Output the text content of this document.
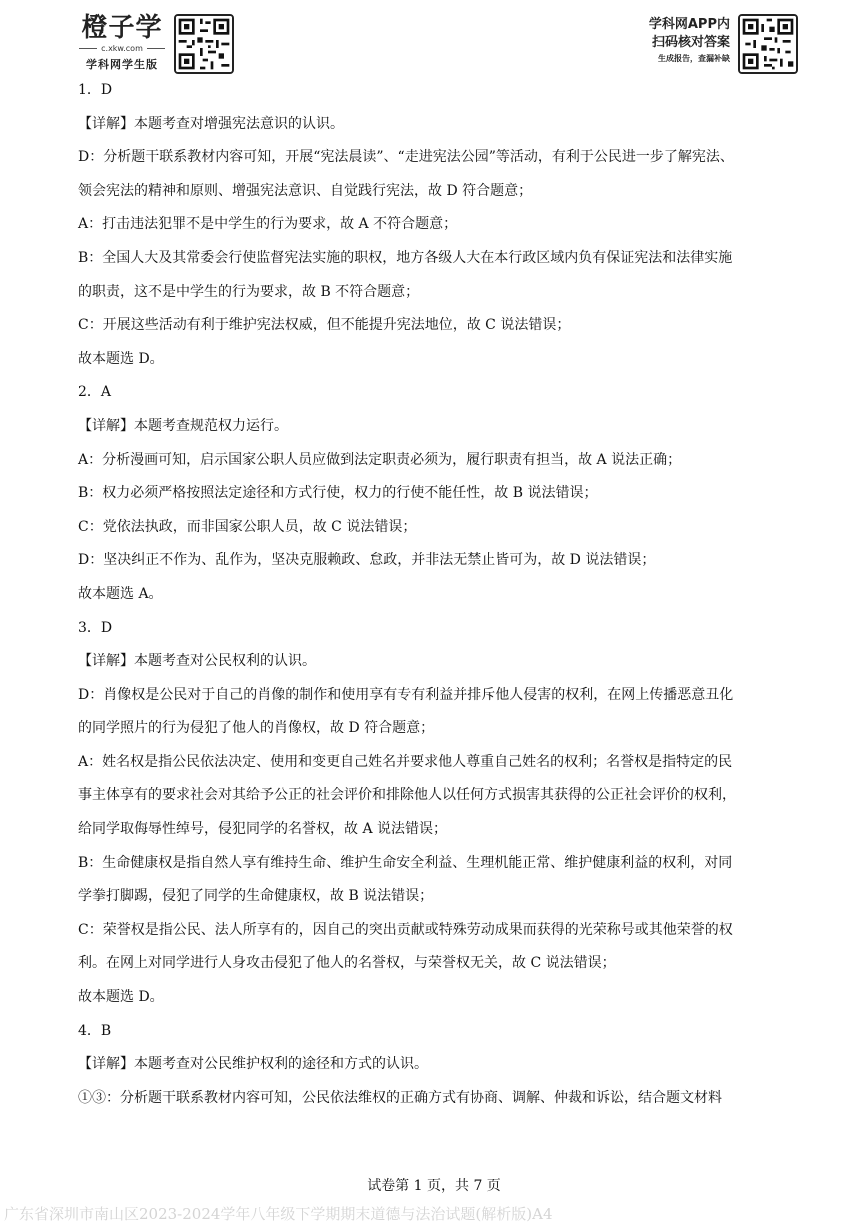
橙子学
c.xkw.com
学科网学生版
学科网APP内
扫码核对答案
生成报告，查漏补缺
1．D
【详解】本题考查对增强宪法意识的认识。
D：分析题干联系教材内容可知，开展“宪法晨读”、“走进宪法公园”等活动，有利于公民进一步了解宪法、
领会宪法的精神和原则、增强宪法意识、自觉践行宪法，故 D 符合题意；
A：打击违法犯罪不是中学生的行为要求，故 A 不符合题意；
B：全国人大及其常委会行使监督宪法实施的职权，地方各级人大在本行政区域内负有保证宪法和法律实施
的职责，这不是中学生的行为要求，故 B 不符合题意；
C：开展这些活动有利于维护宪法权威，但不能提升宪法地位，故 C 说法错误；
故本题选 D。
2．A
【详解】本题考查规范权力运行。
A：分析漫画可知，启示国家公职人员应做到法定职责必须为，履行职责有担当，故 A 说法正确；
B：权力必须严格按照法定途径和方式行使，权力的行使不能任性，故 B 说法错误；
C：党依法执政，而非国家公职人员，故 C 说法错误；
D：坚决纠正不作为、乱作为，坚决克服赖政、怠政，并非法无禁止皆可为，故 D 说法错误；
故本题选 A。
3．D
【详解】本题考查对公民权利的认识。
D：肖像权是公民对于自己的肖像的制作和使用享有专有利益并排斥他人侵害的权利，在网上传播恶意丑化
的同学照片的行为侵犯了他人的肖像权，故 D 符合题意；
A：姓名权是指公民依法决定、使用和变更自己姓名并要求他人尊重自己姓名的权利；名誉权是指特定的民
事主体享有的要求社会对其给予公正的社会评价和排除他人以任何方式损害其获得的公正社会评价的权利，
给同学取侮辱性绰号，侵犯同学的名誉权，故 A 说法错误；
B：生命健康权是指自然人享有维持生命、维护生命安全利益、生理机能正常、维护健康利益的权利，对同
学拳打脚踢，侵犯了同学的生命健康权，故 B 说法错误；
C：荣誉权是指公民、法人所享有的，因自己的突出贡献或特殊劳动成果而获得的光荣称号或其他荣誉的权
利。在网上对同学进行人身攻击侵犯了他人的名誉权，与荣誉权无关，故 C 说法错误；
故本题选 D。
4．B
【详解】本题考查对公民维护权利的途径和方式的认识。
①③：分析题干联系教材内容可知，公民依法维权的正确方式有协商、调解、仲裁和诉讼，结合题文材料
试卷第 1 页，共 7 页
广东省深圳市南山区2023-2024学年八年级下学期期末道德与法治试题(解析版)A4
